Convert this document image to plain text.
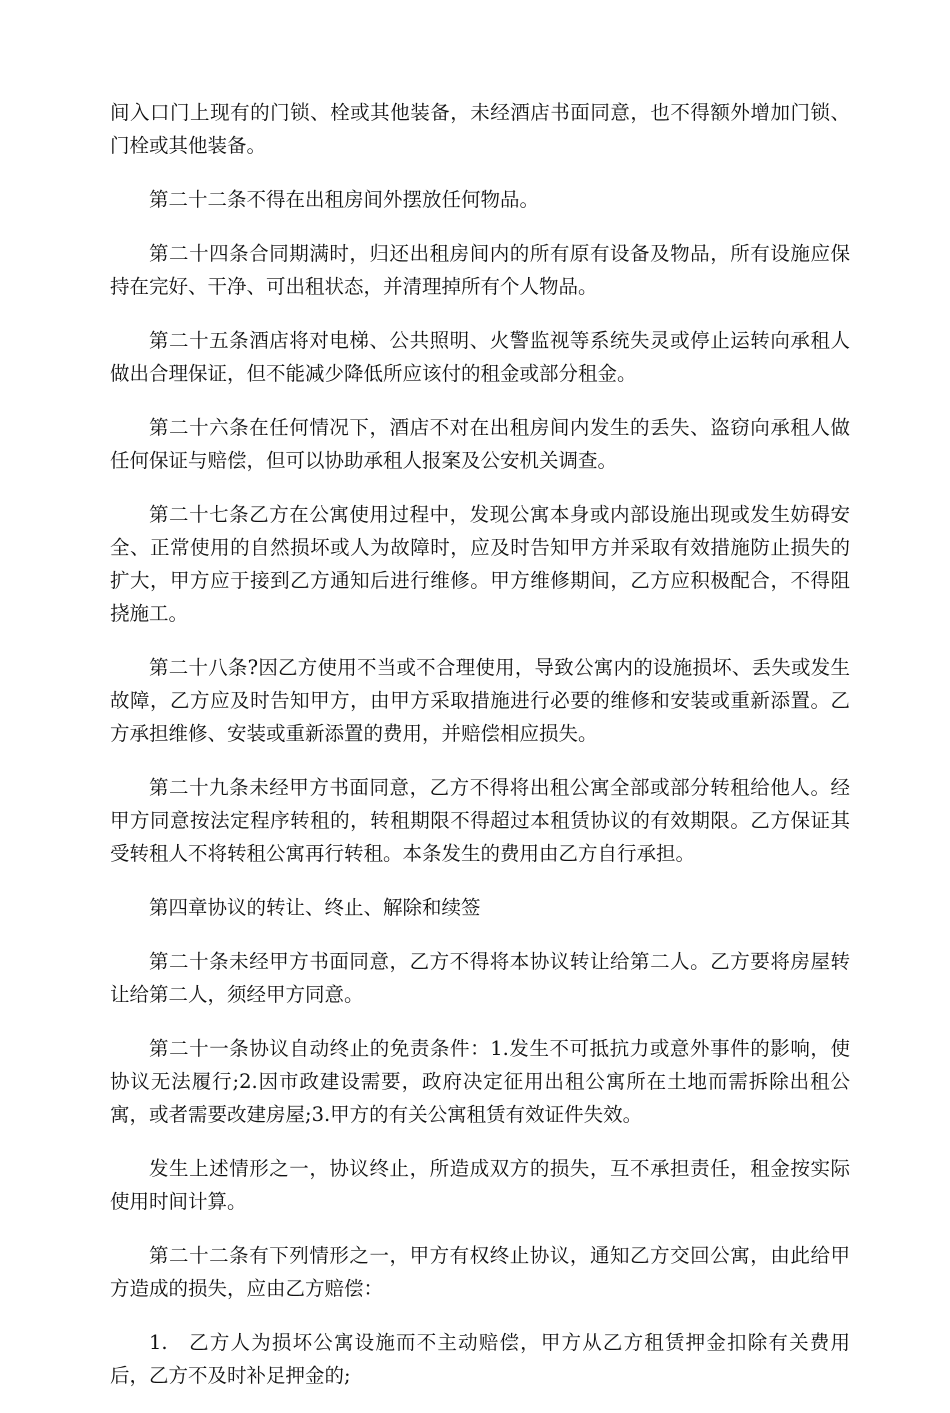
间入口门上现有的门锁、栓或其他装备，未经酒店书面同意，也不得额外增加门锁、门栓或其他装备。

第二十二条不得在出租房间外摆放任何物品。

第二十四条合同期满时，归还出租房间内的所有原有设备及物品，所有设施应保持在完好、干净、可出租状态，并清理掉所有个人物品。

第二十五条酒店将对电梯、公共照明、火警监视等系统失灵或停止运转向承租人做出合理保证，但不能减少降低所应该付的租金或部分租金。

第二十六条在任何情况下，酒店不对在出租房间内发生的丢失、盗窃向承租人做任何保证与赔偿，但可以协助承租人报案及公安机关调查。

第二十七条乙方在公寓使用过程中，发现公寓本身或内部设施出现或发生妨碍安全、正常使用的自然损坏或人为故障时，应及时告知甲方并采取有效措施防止损失的扩大，甲方应于接到乙方通知后进行维修。甲方维修期间，乙方应积极配合，不得阻挠施工。

第二十八条?因乙方使用不当或不合理使用，导致公寓内的设施损坏、丢失或发生故障，乙方应及时告知甲方，由甲方采取措施进行必要的维修和安装或重新添置。乙方承担维修、安装或重新添置的费用，并赔偿相应损失。

第二十九条未经甲方书面同意，乙方不得将出租公寓全部或部分转租给他人。经甲方同意按法定程序转租的，转租期限不得超过本租赁协议的有效期限。乙方保证其受转租人不将转租公寓再行转租。本条发生的费用由乙方自行承担。

第四章协议的转让、终止、解除和续签

第二十条未经甲方书面同意，乙方不得将本协议转让给第二人。乙方要将房屋转让给第二人，须经甲方同意。

第二十一条协议自动终止的免责条件：1.发生不可抵抗力或意外事件的影响，使协议无法履行;2.因市政建设需要，政府决定征用出租公寓所在土地而需拆除出租公寓，或者需要改建房屋;3.甲方的有关公寓租赁有效证件失效。

发生上述情形之一，协议终止，所造成双方的损失，互不承担责任，租金按实际使用时间计算。

第二十二条有下列情形之一，甲方有权终止协议，通知乙方交回公寓，由此给甲方造成的损失，应由乙方赔偿：

1. 乙方人为损坏公寓设施而不主动赔偿，甲方从乙方租赁押金扣除有关费用后，乙方不及时补足押金的;
